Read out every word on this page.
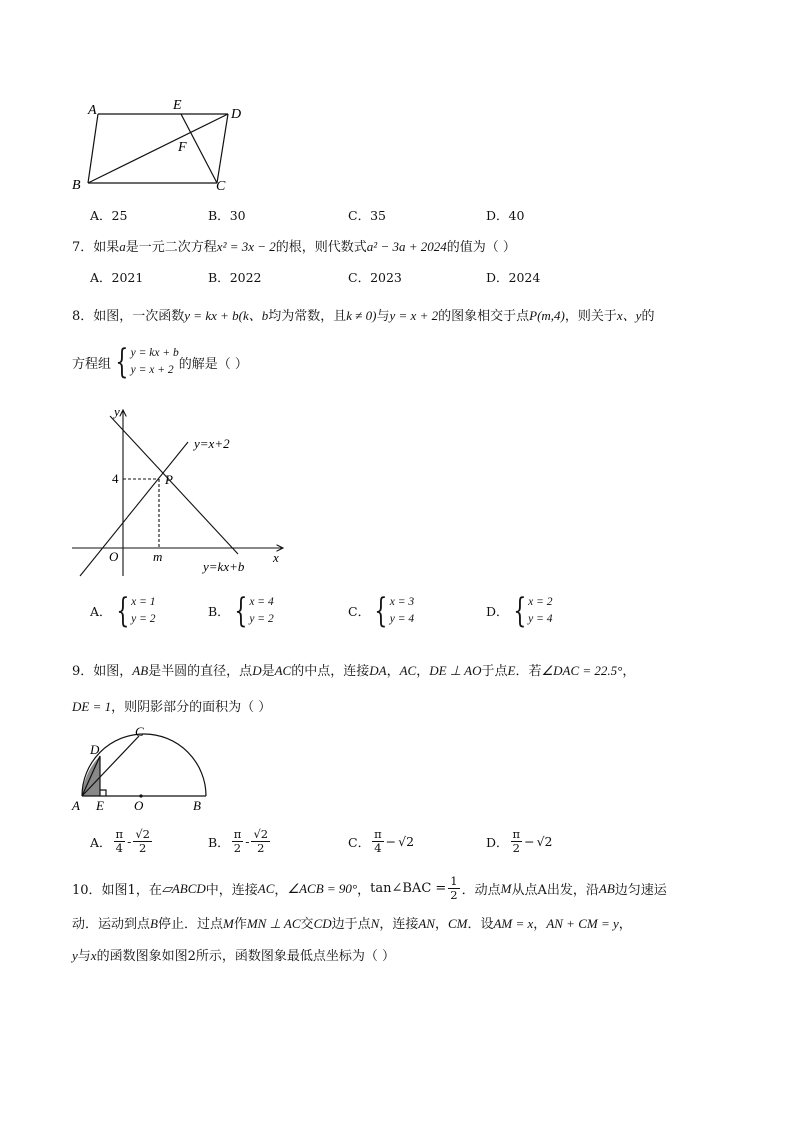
A	E
D
F
B	C
A．25	B．30	C．35	D．40
7．如果a是一元二次方程x² = 3x − 2的根，则代数式a² − 3a + 2024的值为（ ）
A．2021	B．2022	C．2023	D．2024
8．如图，一次函数y = kx + b(k、b均为常数，且k ≠ 0)与y = x + 2的图象相交于点P(m,4)，则关于x、y的
方程组 { y = kx + b
y = x + 2 的解是（ ）
y
x
O	m
4	P
y=x+2
y=kx+b
A． { x = 1
y = 2	B． { x = 4
y = 2	C． { x = 3
y = 4	D． { x = 2
y = 4
9．如图，AB是半圆的直径，点D是AC的中点，连接DA，AC，DE ⊥ AO于点E．若∠DAC = 22.5°，
DE = 1，则阴影部分的面积为（ ）
C
D
A E O	B
A． $\frac{\pi}{4} - \frac{√2}{2}$	B． $\frac{\pi}{2} - \frac{√2}{2}$	C． $\frac{\pi}{4} - √2$	D． $\frac{\pi}{2} - √2$
10．如图1，在 ▱ABCD 中，连接 AC ， ∠ACB = 90° ， tan∠BAC = $\frac{1}{2}$ ．动点 M 从点A出发，沿 AB 边匀速运
动．运动到点B停止．过点M作MN ⊥ AC交CD边于点N，连接AN，CM．设AM = x，AN + CM = y，
y与x的函数图象如图2所示，函数图象最低点坐标为（ ）
